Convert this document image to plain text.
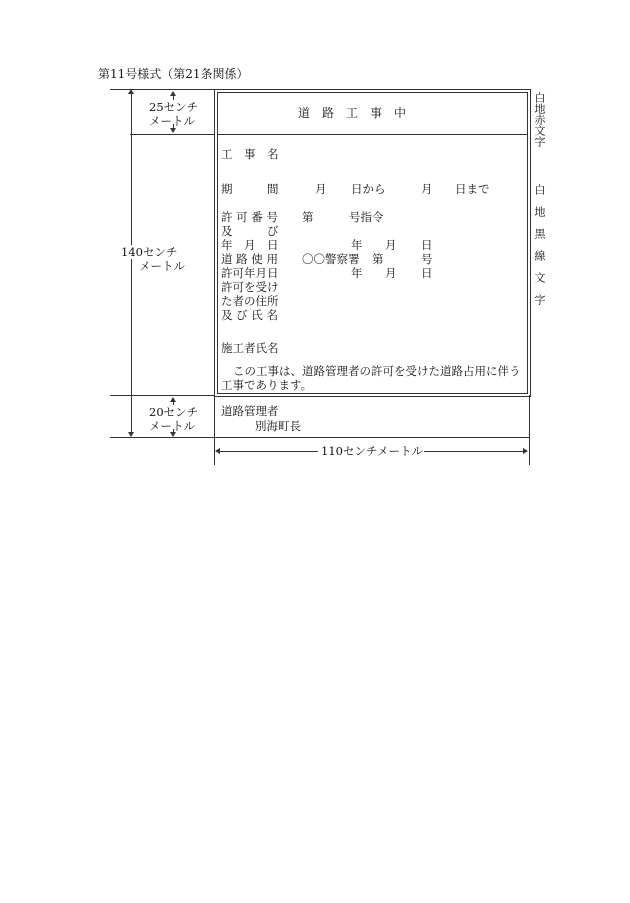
第11号様式（第21条関係）
25センチ
メートル
140センチ
メートル
20センチ
メートル
道　路　工　事　中
工　事　名
期　　　間	月 日から	月 日まで
許 可 番 号 第	号指令
及　　　び
年　月　日	年 月 日
道 路 使 用 〇〇警察署 第	号
許可年月日	年 月 日
許可を受け
た者の住所
及 び 氏 名
施工者氏名
この工事は、道路管理者の許可を受けた道路占用に伴う
工事であります。
道路管理者
別海町長
白地赤文字
白地黒線文字
110センチメートル
